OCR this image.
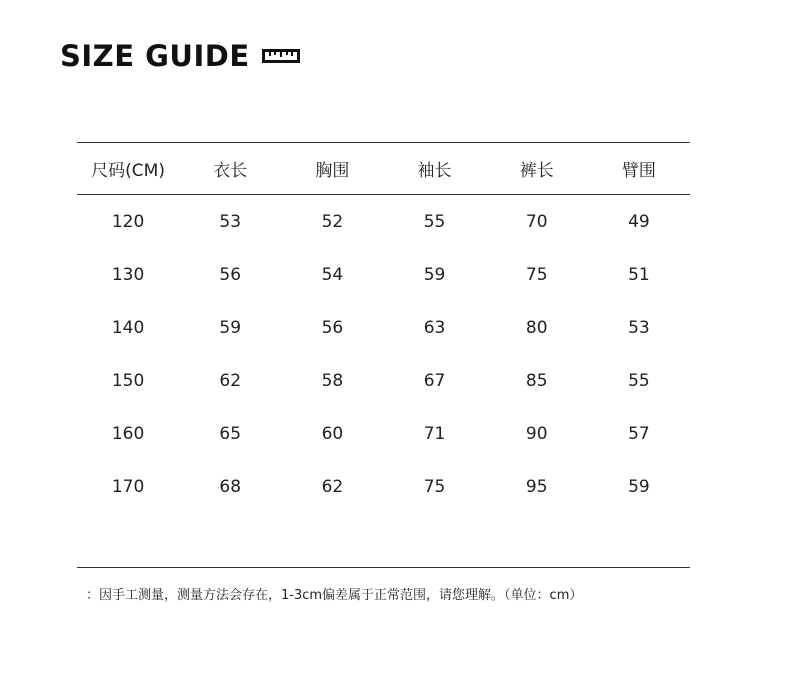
SIZE GUIDE
尺码(CM)	衣长	胸围	袖长	裤长	臂围
120	53	52	55	70	49
130	56	54	59	75	51
140	59	56	63	80	53
150	62	58	67	85	55
160	65	60	71	90	57
170	68	62	75	95	59
：因手工测量，测量方法会存在，1-3cm偏差属于正常范围，请您理解。（单位：cm）
